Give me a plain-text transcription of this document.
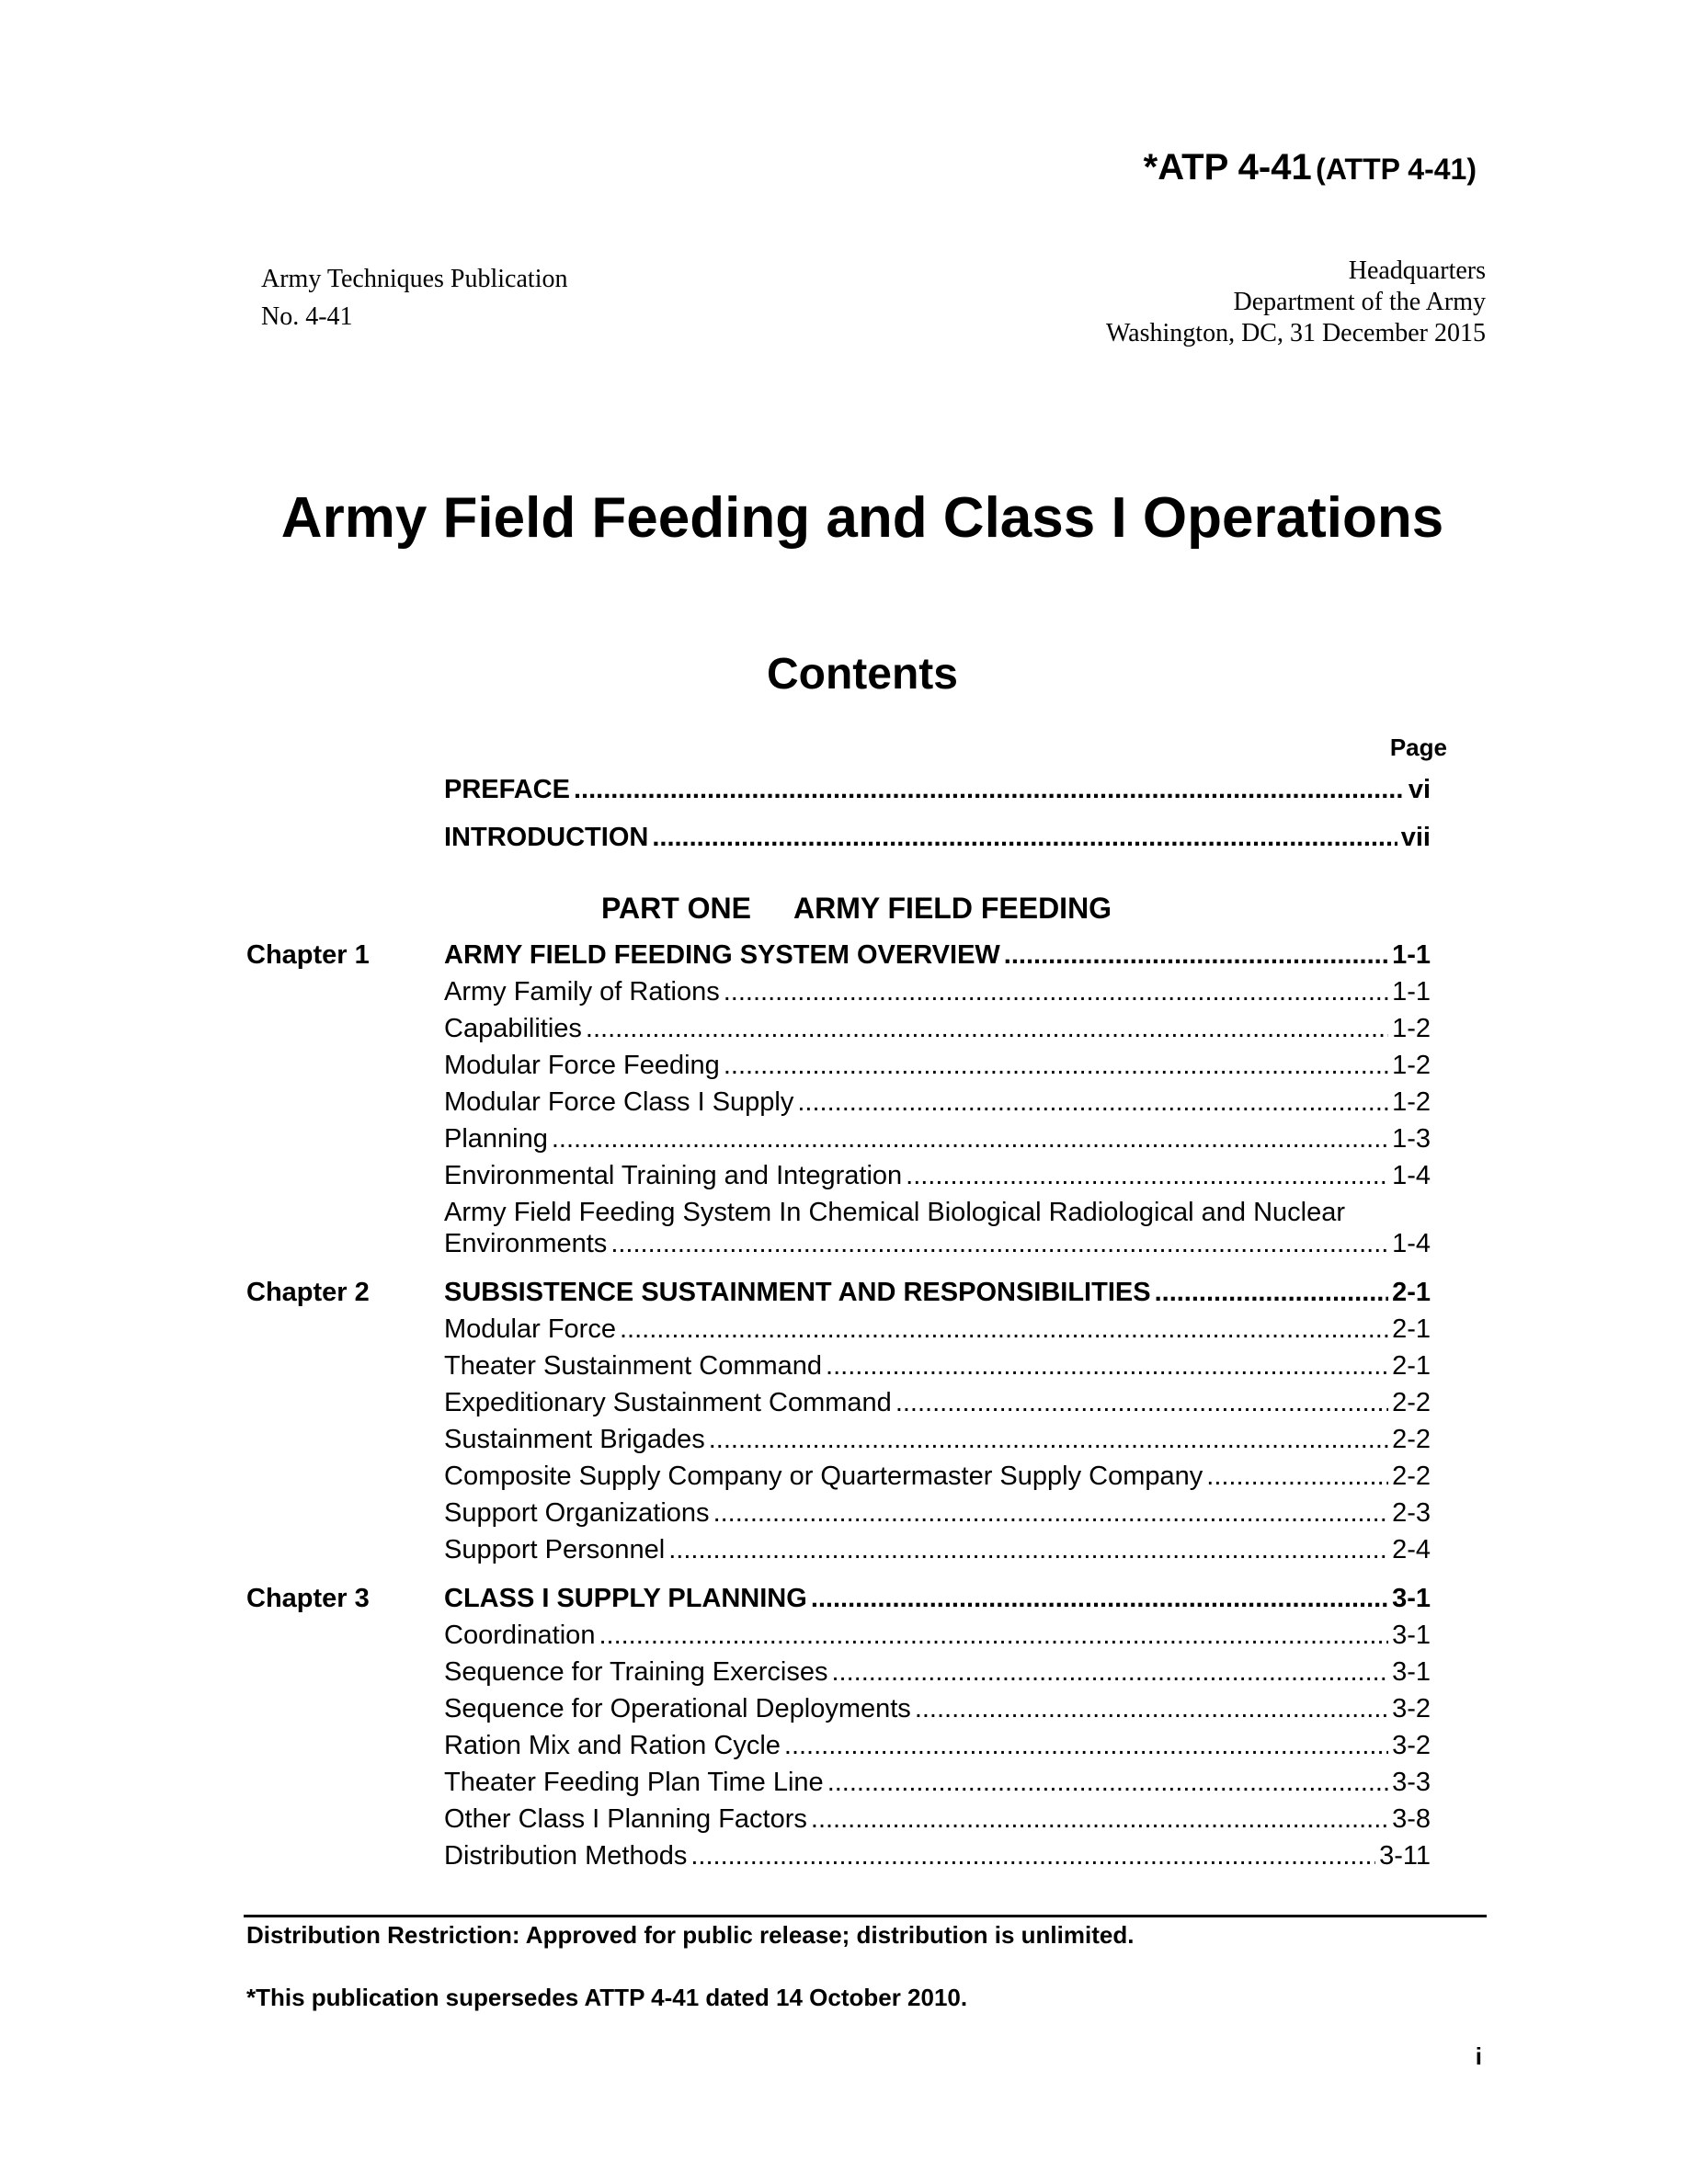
*ATP 4-41 (ATTP 4-41)
Army Techniques Publication
No. 4-41
Headquarters
Department of the Army
Washington, DC, 31 December 2015
Army Field Feeding and Class I Operations
Contents
Page
PREFACE .....	vi
INTRODUCTION .....	vii
PART ONE ARMY FIELD FEEDING
Chapter 1	ARMY FIELD FEEDING SYSTEM OVERVIEW .....	1-1
Army Family of Rations .....	1-1
Capabilities .....	1-2
Modular Force Feeding .....	1-2
Modular Force Class I Supply .....	1-2
Planning .....	1-3
Environmental Training and Integration .....	1-4
Army Field Feeding System In Chemical Biological Radiological and Nuclear
Environments .....	1-4
Chapter 2	SUBSISTENCE SUSTAINMENT AND RESPONSIBILITIES .....	2-1
Modular Force .....	2-1
Theater Sustainment Command .....	2-1
Expeditionary Sustainment Command .....	2-2
Sustainment Brigades .....	2-2
Composite Supply Company or Quartermaster Supply Company .....	2-2
Support Organizations .....	2-3
Support Personnel .....	2-4
Chapter 3	CLASS I SUPPLY PLANNING .....	3-1
Coordination .....	3-1
Sequence for Training Exercises .....	3-1
Sequence for Operational Deployments .....	3-2
Ration Mix and Ration Cycle .....	3-2
Theater Feeding Plan Time Line .....	3-3
Other Class I Planning Factors .....	3-8
Distribution Methods .....	3-11
Distribution Restriction: Approved for public release; distribution is unlimited.
*This publication supersedes ATTP 4-41 dated 14 October 2010.
i
